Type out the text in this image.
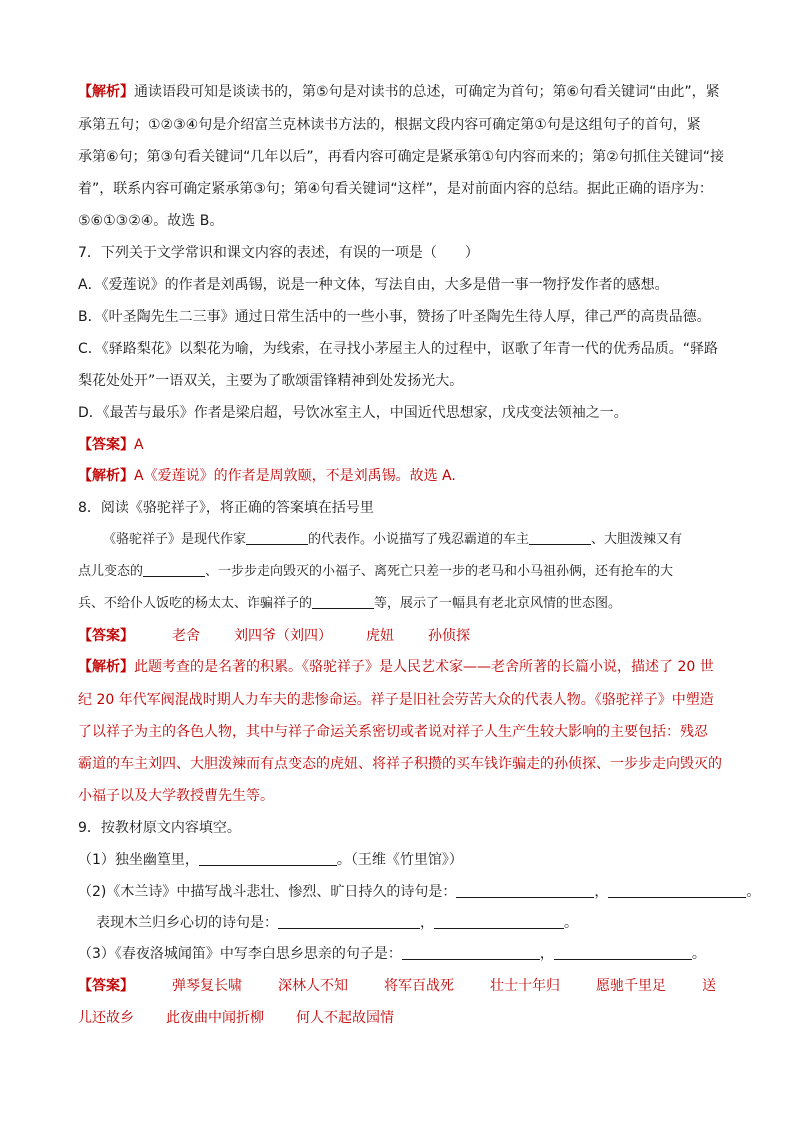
【解析】通读语段可知是谈读书的，第⑤句是对读书的总述，可确定为首句；第⑥句看关键词“由此”，紧
承第五句；①②③④句是介绍富兰克林读书方法的，根据文段内容可确定第①句是这组句子的首句，紧
承第⑥句；第③句看关键词“几年以后”，再看内容可确定是紧承第①句内容而来的；第②句抓住关键词“接
着”，联系内容可确定紧承第③句；第④句看关键词“这样”，是对前面内容的总结。据此正确的语序为：
⑤⑥①③②④。故选 B。
7．下列关于文学常识和课文内容的表述，有误的一项是（　　）
A．《爱莲说》的作者是刘禹锡，说是一种文体，写法自由，大多是借一事一物抒发作者的感想。
B．《叶圣陶先生二三事》通过日常生活中的一些小事，赞扬了叶圣陶先生待人厚，律己严的高贵品德。
C．《驿路梨花》以梨花为喻，为线索，在寻找小茅屋主人的过程中，讴歌了年青一代的优秀品质。“驿路
梨花处处开”一语双关，主要为了歌颂雷锋精神到处发扬光大。
D．《最苦与最乐》作者是梁启超，号饮冰室主人，中国近代思想家，戊戌变法领袖之一。
【答案】A
【解析】A《爱莲说》的作者是周敦颐，不是刘禹锡。故选 A.
8．阅读《骆驼祥子》，将正确的答案填在括号里
《骆驼祥子》是现代作家	的代表作。小说描写了残忍霸道的车主	、大胆泼辣又有
点儿变态的	、一步步走向毁灭的小福子、离死亡只差一步的老马和小马祖孙俩，还有抢车的大
兵、不给仆人饭吃的杨太太、诈骗祥子的	等，展示了一幅具有老北京风情的世态图。
【答案】	老舍 刘四爷（刘四） 虎妞 孙侦探
【解析】此题考查的是名著的积累。《骆驼祥子》是人民艺术家——老舍所著的长篇小说，描述了 20 世
纪 20 年代军阀混战时期人力车夫的悲惨命运。祥子是旧社会劳苦大众的代表人物。《骆驼祥子》中塑造
了以祥子为主的各色人物，其中与祥子命运关系密切或者说对祥子人生产生较大影响的主要包括：残忍
霸道的车主刘四、大胆泼辣而有点变态的虎妞、将祥子积攒的买车钱诈骗走的孙侦探、一步步走向毁灭的
小福子以及大学教授曹先生等。
9．按教材原文内容填空。
（1）独坐幽篁里，	。（王维《竹里馆》）
（2)《木兰诗》中描写战斗悲壮、惨烈、旷日持久的诗句是：	，	。
表现木兰归乡心切的诗句是：	，	。
（3）《春夜洛城闻笛》中写李白思乡思亲的句子是：	，	。
【答案】	弹琴复长啸	深林人不知	将军百战死	壮士十年归	愿驰千里足	送
儿还故乡 此夜曲中闻折柳 何人不起故园情
